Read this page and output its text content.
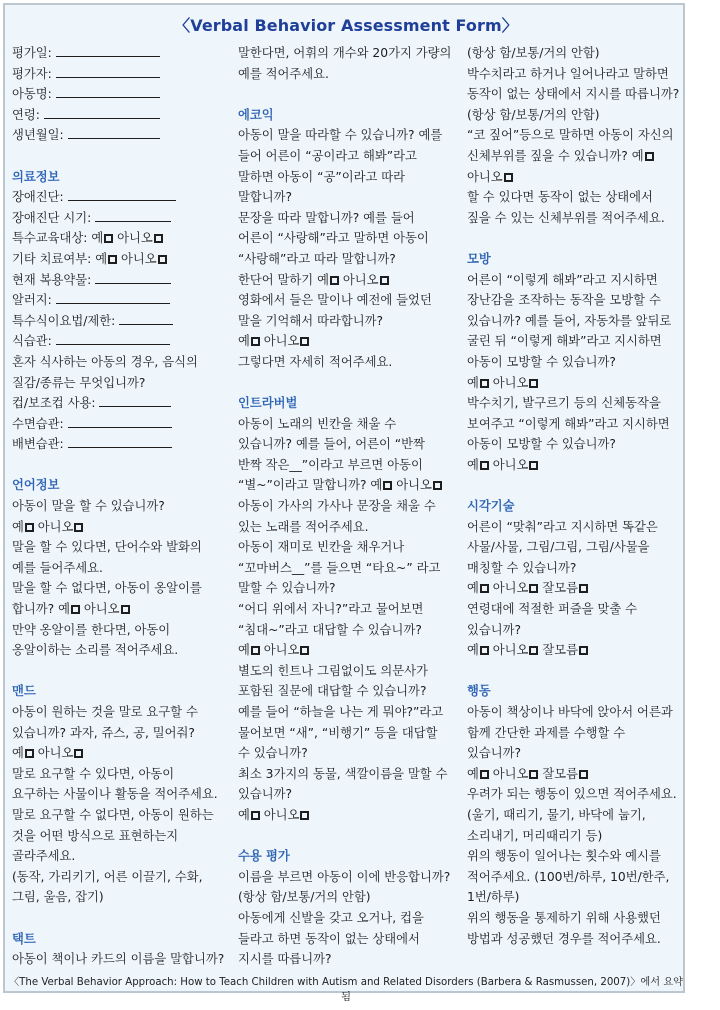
〈Verbal Behavior Assessment Form〉
평가일:
평가자:
아동명:
연령:
생년월일:
의료정보
장애진단:
장애진단 시기:
특수교육대상: 예 아니오
기타 치료여부: 예 아니오
현재 복용약물:
알러지:
특수식이요법/제한:
식습관:
혼자 식사하는 아동의 경우, 음식의
질감/종류는 무엇입니까?
컵/보조컵 사용:
수면습관:
배변습관:
언어정보
아동이 말을 할 수 있습니까?
예 아니오
말을 할 수 있다면, 단어수와 발화의
예를 들어주세요.
말을 할 수 없다면, 아동이 옹알이를
합니까? 예 아니오
만약 옹알이를 한다면, 아동이
옹알이하는 소리를 적어주세요.
맨드
아동이 원하는 것을 말로 요구할 수
있습니까? 과자, 쥬스, 공, 밀어줘?
예 아니오
말로 요구할 수 있다면, 아동이
요구하는 사물이나 활동을 적어주세요.
말로 요구할 수 없다면, 아동이 원하는
것을 어떤 방식으로 표현하는지
골라주세요.
(동작, 가리키기, 어른 이끌기, 수화,
그림, 울음, 잡기)
택트
아동이 책이나 카드의 이름을 말합니까?
말한다면, 어휘의 개수와 20가지 가량의
예를 적어주세요.
에코익
아동이 말을 따라할 수 있습니까? 예를
들어 어른이 “공이라고 해봐”라고
말하면 아동이 “공”이라고 따라
말합니까?
문장을 따라 말합니까? 예를 들어
어른이 “사랑해”라고 말하면 아동이
“사랑해”라고 따라 말합니까?
한단어 말하기 예 아니오
영화에서 들은 말이나 예전에 들었던
말을 기억해서 따라합니까?
예 아니오
그렇다면 자세히 적어주세요.
인트라버벌
아동이 노래의 빈칸을 채울 수
있습니까? 예를 들어, 어른이 “반짝
반짝 작은__”이라고 부르면 아동이
“별~”이라고 말합니까? 예 아니오
아동이 가사의 가사나 문장을 채울 수
있는 노래를 적어주세요.
아동이 재미로 빈칸을 채우거나
“꼬마버스__”를 들으면 “타요~” 라고
말할 수 있습니까?
“어디 위에서 자니?”라고 물어보면
“침대~”라고 대답할 수 있습니까?
예 아니오
별도의 힌트나 그림없이도 의문사가
포함된 질문에 대답할 수 있습니까?
예를 들어 “하늘을 나는 게 뭐야?”라고
물어보면 “새”, “비행기” 등을 대답할
수 있습니까?
최소 3가지의 동물, 색깔이름을 말할 수
있습니까?
예 아니오
수용 평가
이름을 부르면 아동이 이에 반응합니까?
(항상 함/보통/거의 안함)
아동에게 신발을 갖고 오거나, 컵을
들라고 하면 동작이 없는 상태에서
지시를 따릅니까?
(항상 함/보통/거의 안함)
박수치라고 하거나 일어나라고 말하면
동작이 없는 상태에서 지시를 따릅니까?
(항상 함/보통/거의 안함)
“코 짚어”등으로 말하면 아동이 자신의
신체부위를 짚을 수 있습니까? 예
아니오
할 수 있다면 동작이 없는 상태에서
짚을 수 있는 신체부위를 적어주세요.
모방
어른이 “이렇게 해봐”라고 지시하면
장난감을 조작하는 동작을 모방할 수
있습니까? 예를 들어, 자동차를 앞뒤로
굴린 뒤 “이렇게 해봐”라고 지시하면
아동이 모방할 수 있습니까?
예 아니오
박수치기, 발구르기 등의 신체동작을
보여주고 “이렇게 해봐”라고 지시하면
아동이 모방할 수 있습니까?
예 아니오
시각기술
어른이 “맞춰”라고 지시하면 똑같은
사물/사물, 그림/그림, 그림/사물을
매칭할 수 있습니까?
예 아니오 잘모름
연령대에 적절한 퍼즐을 맞출 수
있습니까?
예 아니오 잘모름
행동
아동이 책상이나 바닥에 앉아서 어른과
함께 간단한 과제를 수행할 수
있습니까?
예 아니오 잘모름
우려가 되는 행동이 있으면 적어주세요.
(울기, 때리기, 물기, 바닥에 눕기,
소리내기, 머리때리기 등)
위의 행동이 일어나는 횟수와 예시를
적어주세요. (100번/하루, 10번/한주,
1번/하루)
위의 행동을 통제하기 위해 사용했던
방법과 성공했던 경우를 적어주세요.
〈The Verbal Behavior Approach: How to Teach Children with Autism and Related Disorders (Barbera & Rasmussen, 2007)〉에서 요약됨
